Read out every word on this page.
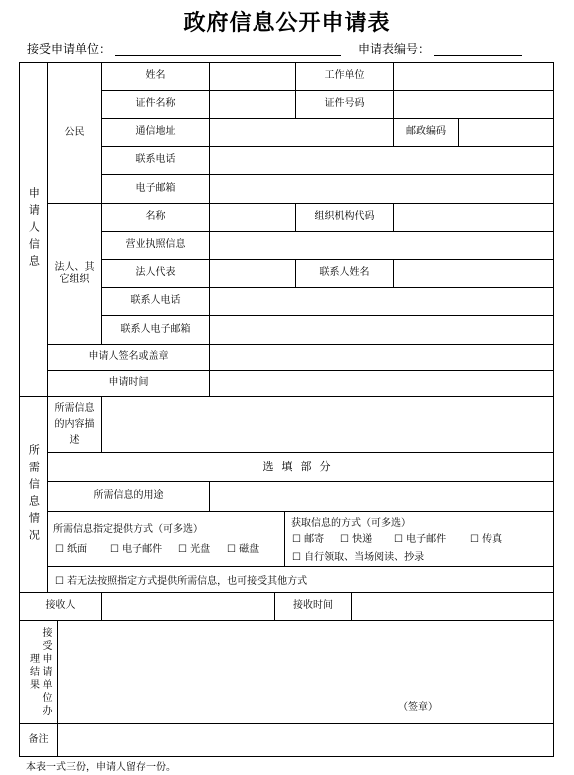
政府信息公开申请表
接受申请单位：	申请表编号：
申请人信息
公民
姓名	工作单位
证件名称	证件号码
通信地址	邮政编码
联系电话
电子邮箱
法人、其它组织
名称	组织机构代码
营业执照信息
法人代表	联系人姓名
联系人电话
联系人电子邮箱
申请人签名或盖章
申请时间
所需信息情况
所需信息的内容描述
选填部分
所需信息的用途
所需信息指定提供方式（可多选）
☐ 纸面 ☐ 电子邮件 ☐ 光盘 ☐ 磁盘
获取信息的方式（可多选）
☐ 邮寄 ☐ 快递 ☐ 电子邮件 ☐ 传真
☐ 自行领取、当场阅读、抄录
☐ 若无法按照指定方式提供所需信息，也可接受其他方式
接收人	接收时间
接受申请单位办理结果
（签章）
备注
本表一式三份，申请人留存一份。
